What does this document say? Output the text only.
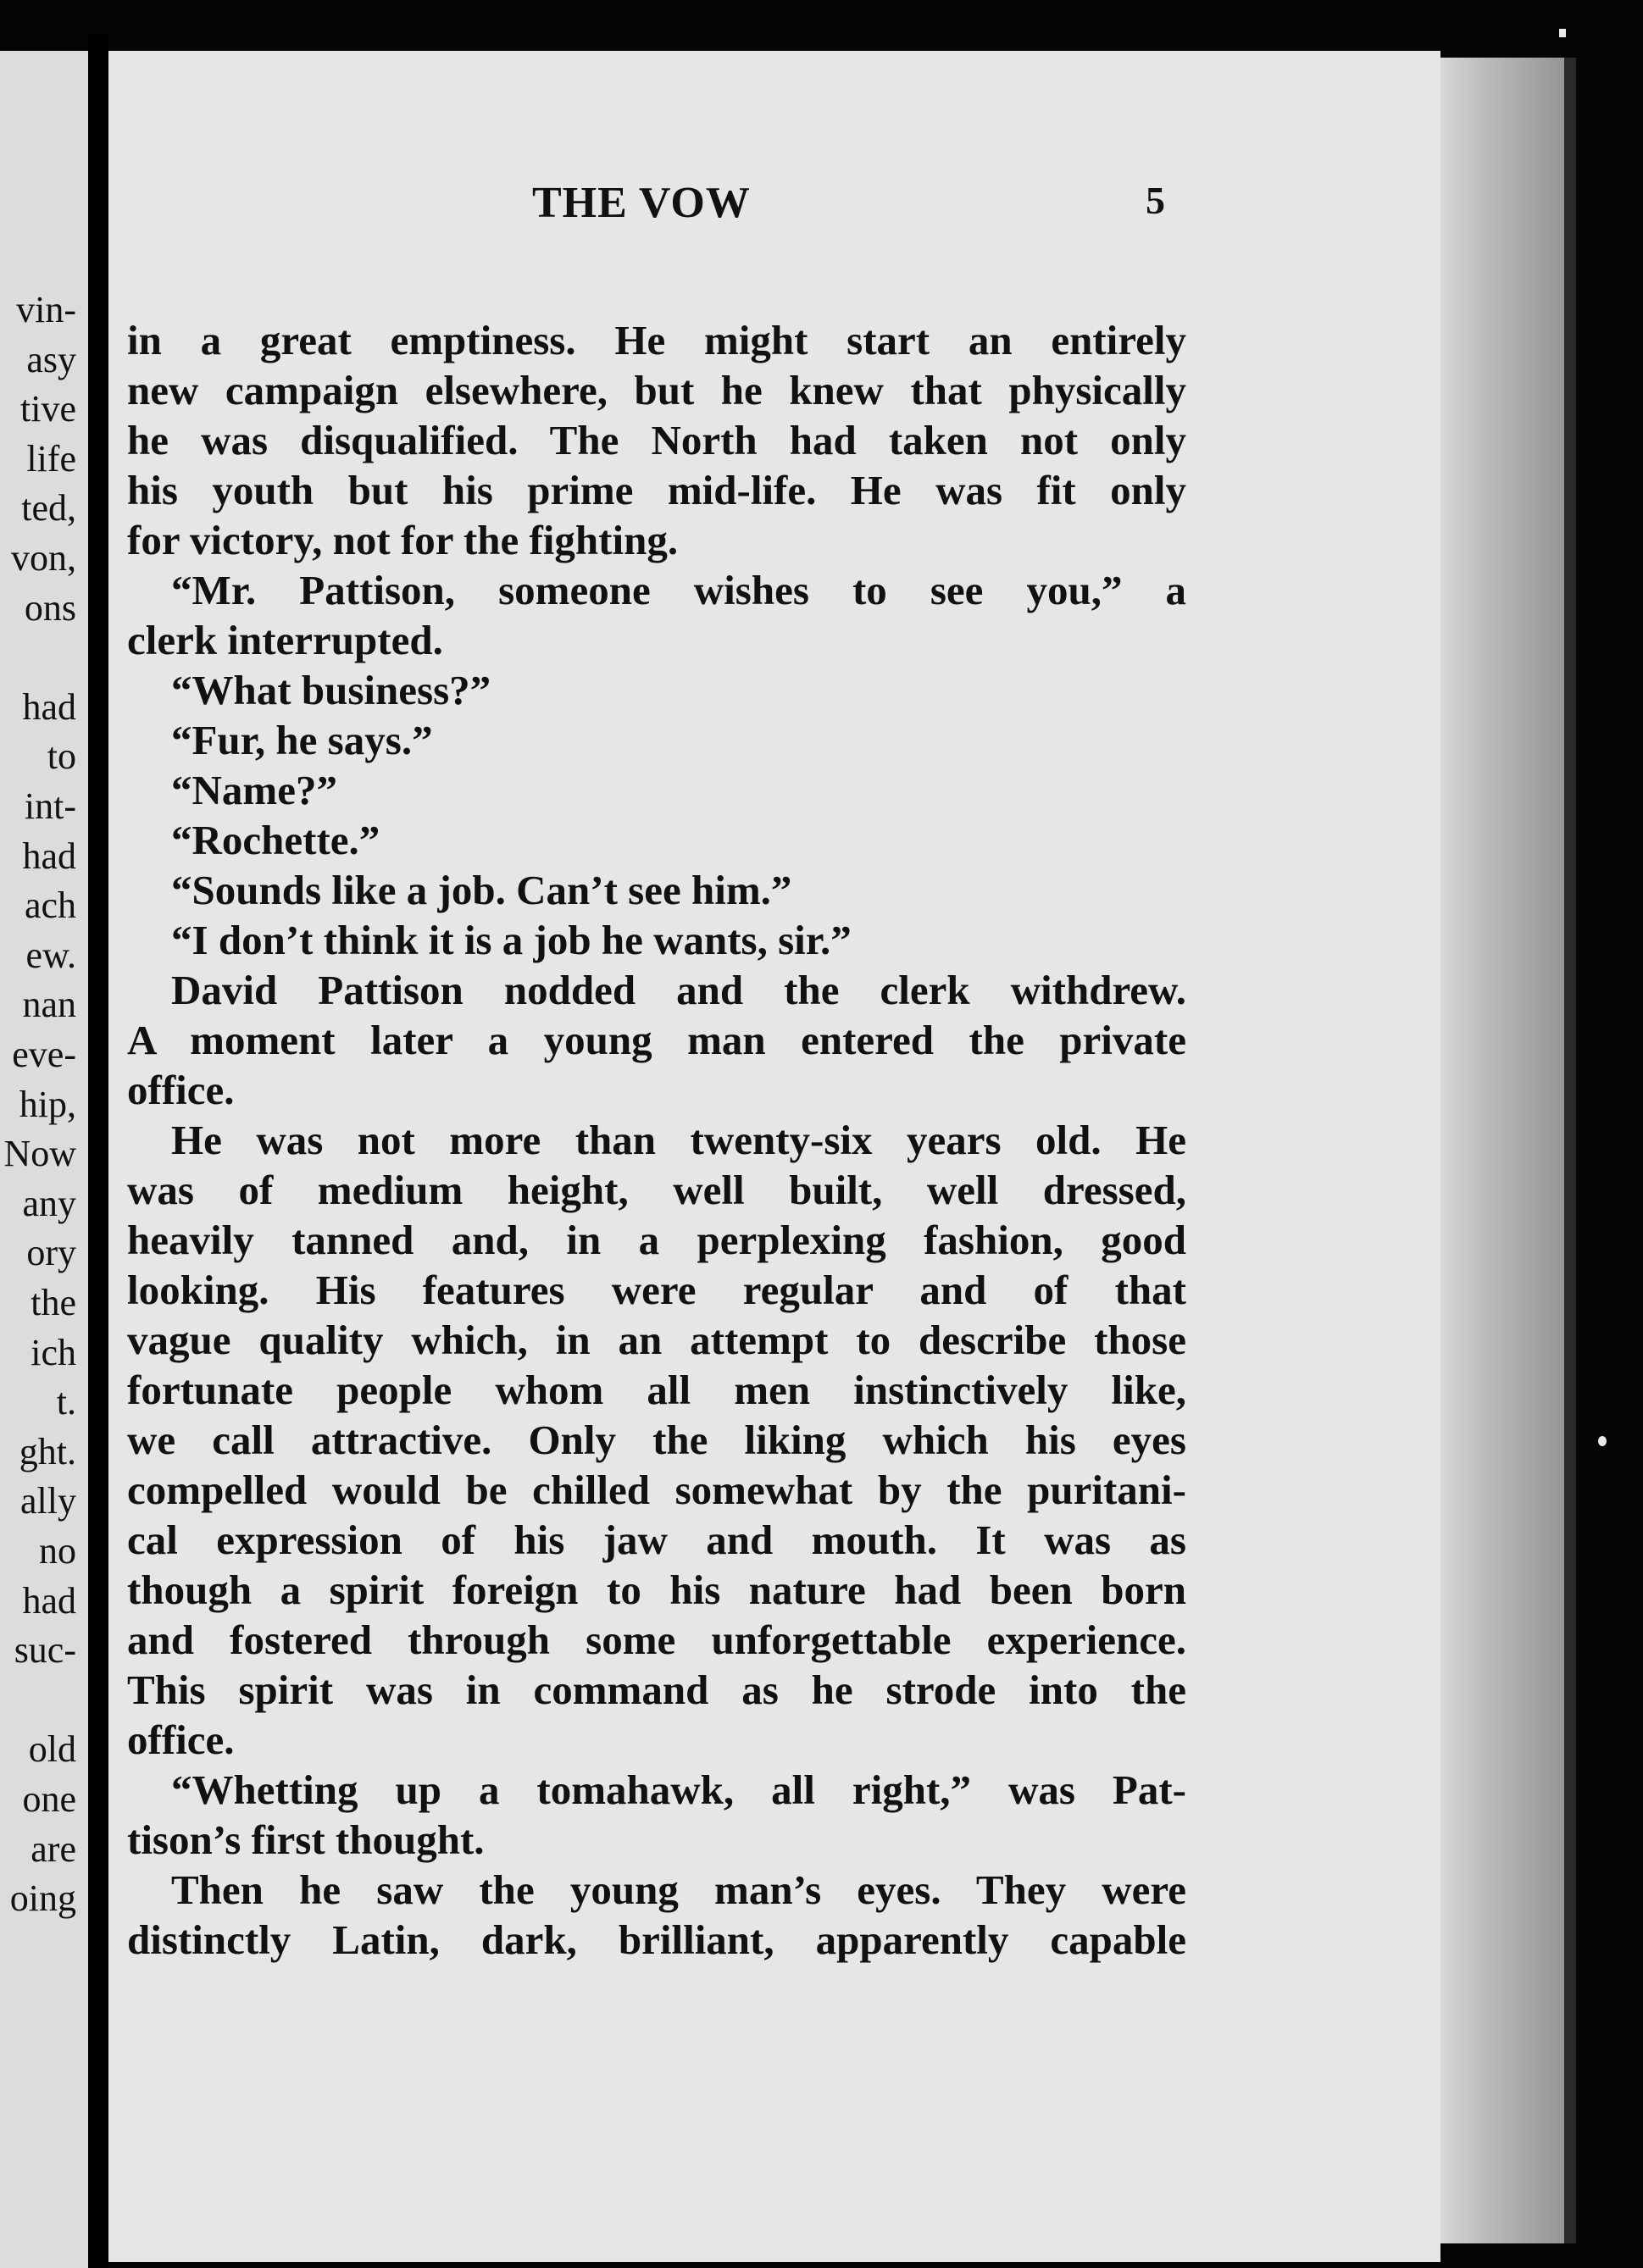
vin-
asy
tive
life
ted,
von,
ons
had
to
int-
had
ach
ew.
nan
eve-
hip,
Now
any
ory
the
ich
t.
ght.
ally
no
had
suc-
old
one
are
oing
THE VOW	5
in a great emptiness. He might start an entirely
new campaign elsewhere, but he knew that physically
he was disqualified. The North had taken not only
his youth but his prime mid-life. He was fit only
for victory, not for the fighting.
“Mr. Pattison, someone wishes to see you,” a
clerk interrupted.
“What business?”
“Fur, he says.”
“Name?”
“Rochette.”
“Sounds like a job. Can’t see him.”
“I don’t think it is a job he wants, sir.”
David Pattison nodded and the clerk withdrew.
A moment later a young man entered the private
office.
He was not more than twenty-six years old. He
was of medium height, well built, well dressed,
heavily tanned and, in a perplexing fashion, good
looking. His features were regular and of that
vague quality which, in an attempt to describe those
fortunate people whom all men instinctively like,
we call attractive. Only the liking which his eyes
compelled would be chilled somewhat by the puritani-
cal expression of his jaw and mouth. It was as
though a spirit foreign to his nature had been born
and fostered through some unforgettable experience.
This spirit was in command as he strode into the
office.
“Whetting up a tomahawk, all right,” was Pat-
tison’s first thought.
Then he saw the young man’s eyes. They were
distinctly Latin, dark, brilliant, apparently capable
